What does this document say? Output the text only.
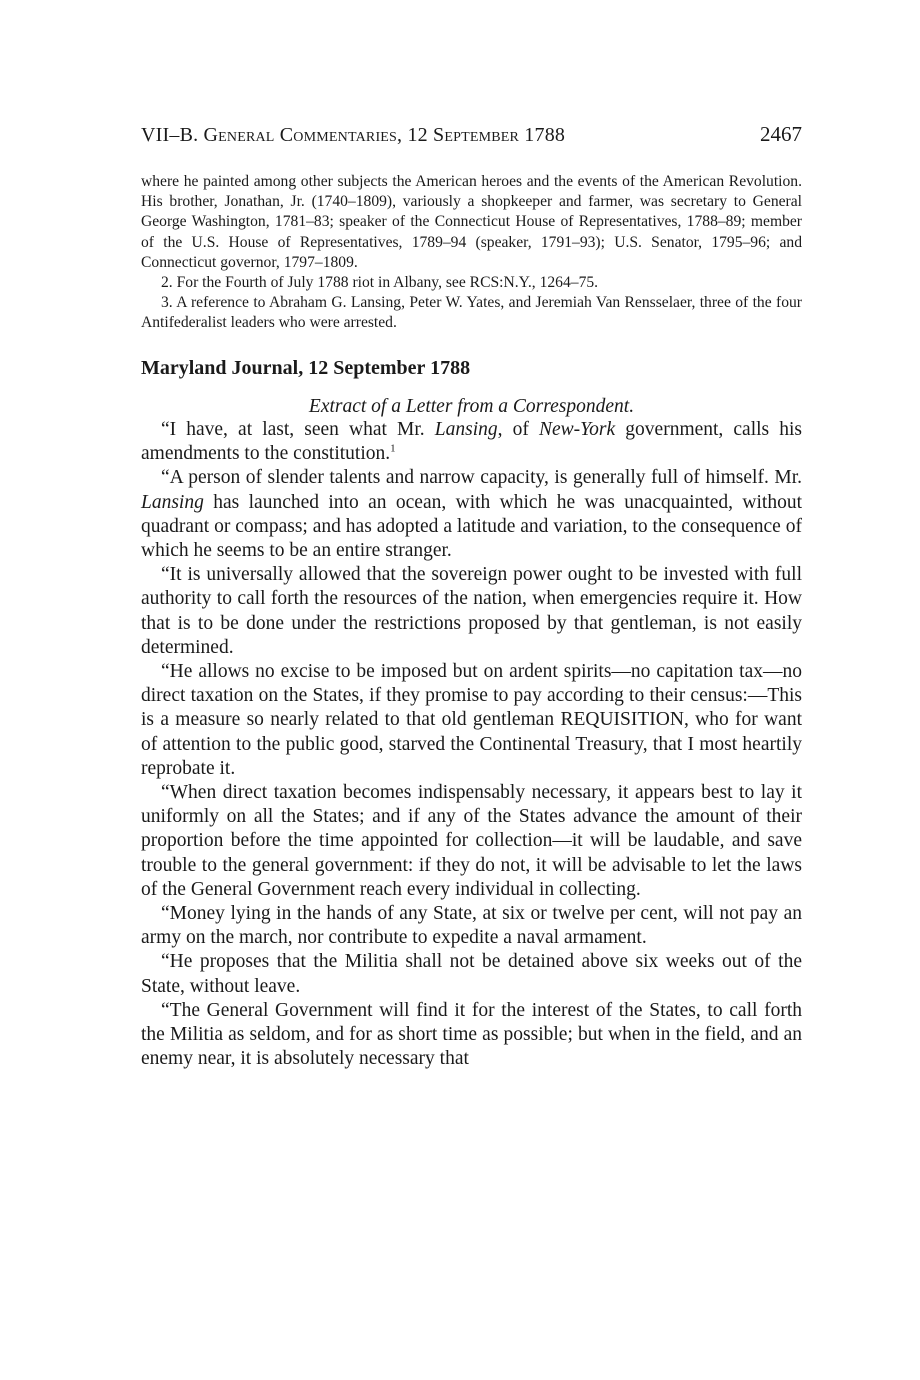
VII–B. General Commentaries, 12 September 1788	2467

where he painted among other subjects the American heroes and the events of the American Revolution. His brother, Jonathan, Jr. (1740–1809), variously a shopkeeper and farmer, was secretary to General George Washington, 1781–83; speaker of the Connecticut House of Representatives, 1788–89; member of the U.S. House of Representatives, 1789–94 (speaker, 1791–93); U.S. Senator, 1795–96; and Connecticut governor, 1797–1809.

2. For the Fourth of July 1788 riot in Albany, see RCS:N.Y., 1264–75.

3. A reference to Abraham G. Lansing, Peter W. Yates, and Jeremiah Van Rensselaer, three of the four Antifederalist leaders who were arrested.

Maryland Journal, 12 September 1788

Extract of a Letter from a Correspondent.

“I have, at last, seen what Mr. Lansing, of New-York government, calls his amendments to the constitution.$^1$

“A person of slender talents and narrow capacity, is generally full of himself. Mr. Lansing has launched into an ocean, with which he was unacquainted, without quadrant or compass; and has adopted a latitude and variation, to the consequence of which he seems to be an entire stranger.

“It is universally allowed that the sovereign power ought to be invested with full authority to call forth the resources of the nation, when emergencies require it. How that is to be done under the restrictions proposed by that gentleman, is not easily determined.

“He allows no excise to be imposed but on ardent spirits—no capitation tax—no direct taxation on the States, if they promise to pay according to their census:—This is a measure so nearly related to that old gentleman REQUISITION, who for want of attention to the public good, starved the Continental Treasury, that I most heartily reprobate it.

“When direct taxation becomes indispensably necessary, it appears best to lay it uniformly on all the States; and if any of the States advance the amount of their proportion before the time appointed for collection—it will be laudable, and save trouble to the general government: if they do not, it will be advisable to let the laws of the General Government reach every individual in collecting.

“Money lying in the hands of any State, at six or twelve per cent, will not pay an army on the march, nor contribute to expedite a naval armament.

“He proposes that the Militia shall not be detained above six weeks out of the State, without leave.

“The General Government will find it for the interest of the States, to call forth the Militia as seldom, and for as short time as possible; but when in the field, and an enemy near, it is absolutely necessary that
